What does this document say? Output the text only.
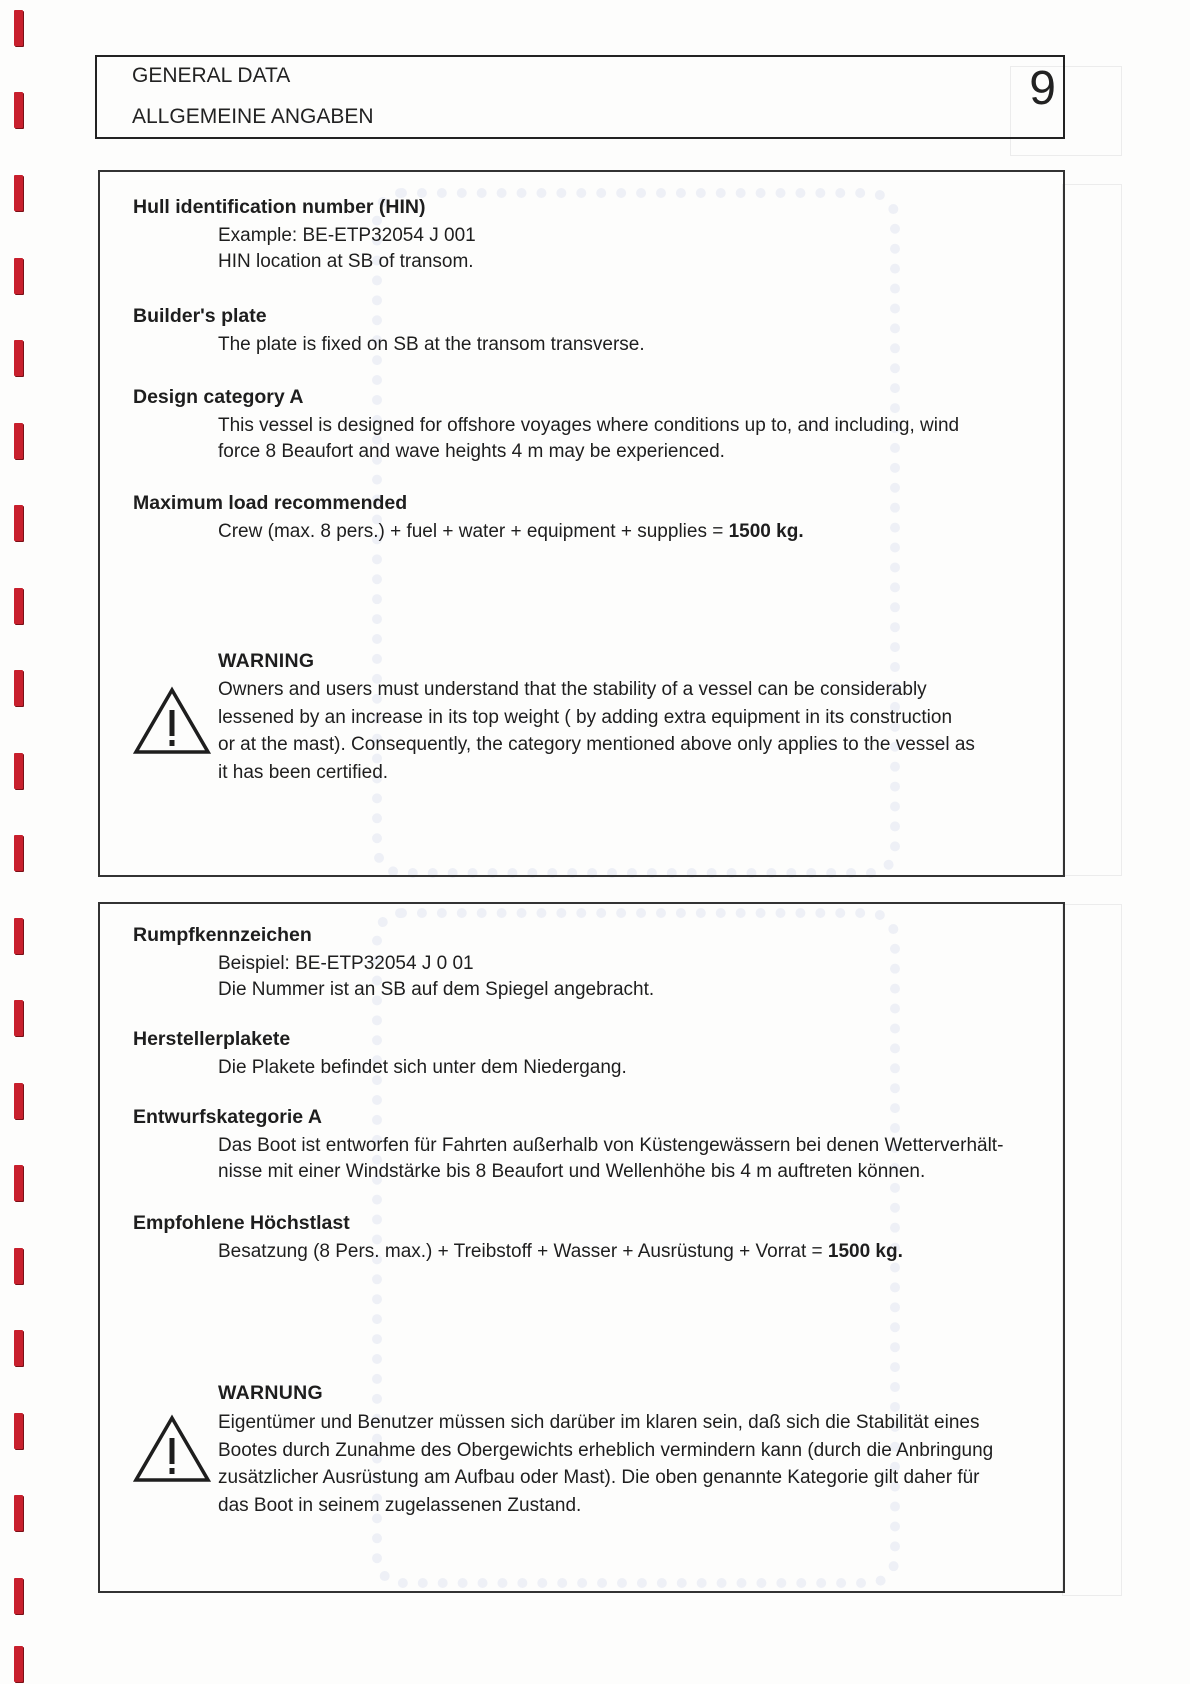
GENERAL DATA
ALLGEMEINE ANGABEN
9
Hull identification number (HIN)
Example: BE-ETP32054 J 001
HIN location at SB of transom.
Builder's plate
The plate is fixed on SB at the transom transverse.
Design category A
This vessel is designed for offshore voyages where conditions up to, and including, wind
force 8 Beaufort and wave heights 4 m may be experienced.
Maximum load recommended
Crew (max. 8 pers.) + fuel + water + equipment + supplies = 1500 kg.
WARNING
Owners and users must understand that the stability of a vessel can be considerably
lessened by an increase in its top weight ( by adding extra equipment in its construction
or at the mast). Consequently, the category mentioned above only applies to the vessel as
it has been certified.
Rumpfkennzeichen
Beispiel: BE-ETP32054 J 0 01
Die Nummer ist an SB auf dem Spiegel angebracht.
Herstellerplakete
Die Plakete befindet sich unter dem Niedergang.
Entwurfskategorie A
Das Boot ist entworfen für Fahrten außerhalb von Küstengewässern bei denen Wetterverhält-
nisse mit einer Windstärke bis 8 Beaufort und Wellenhöhe bis 4 m auftreten können.
Empfohlene Höchstlast
Besatzung (8 Pers. max.) + Treibstoff + Wasser + Ausrüstung + Vorrat = 1500 kg.
WARNUNG
Eigentümer und Benutzer müssen sich darüber im klaren sein, daß sich die Stabilität eines
Bootes durch Zunahme des Obergewichts erheblich vermindern kann (durch die Anbringung
zusätzlicher Ausrüstung am Aufbau oder Mast). Die oben genannte Kategorie gilt daher für
das Boot in seinem zugelassenen Zustand.
